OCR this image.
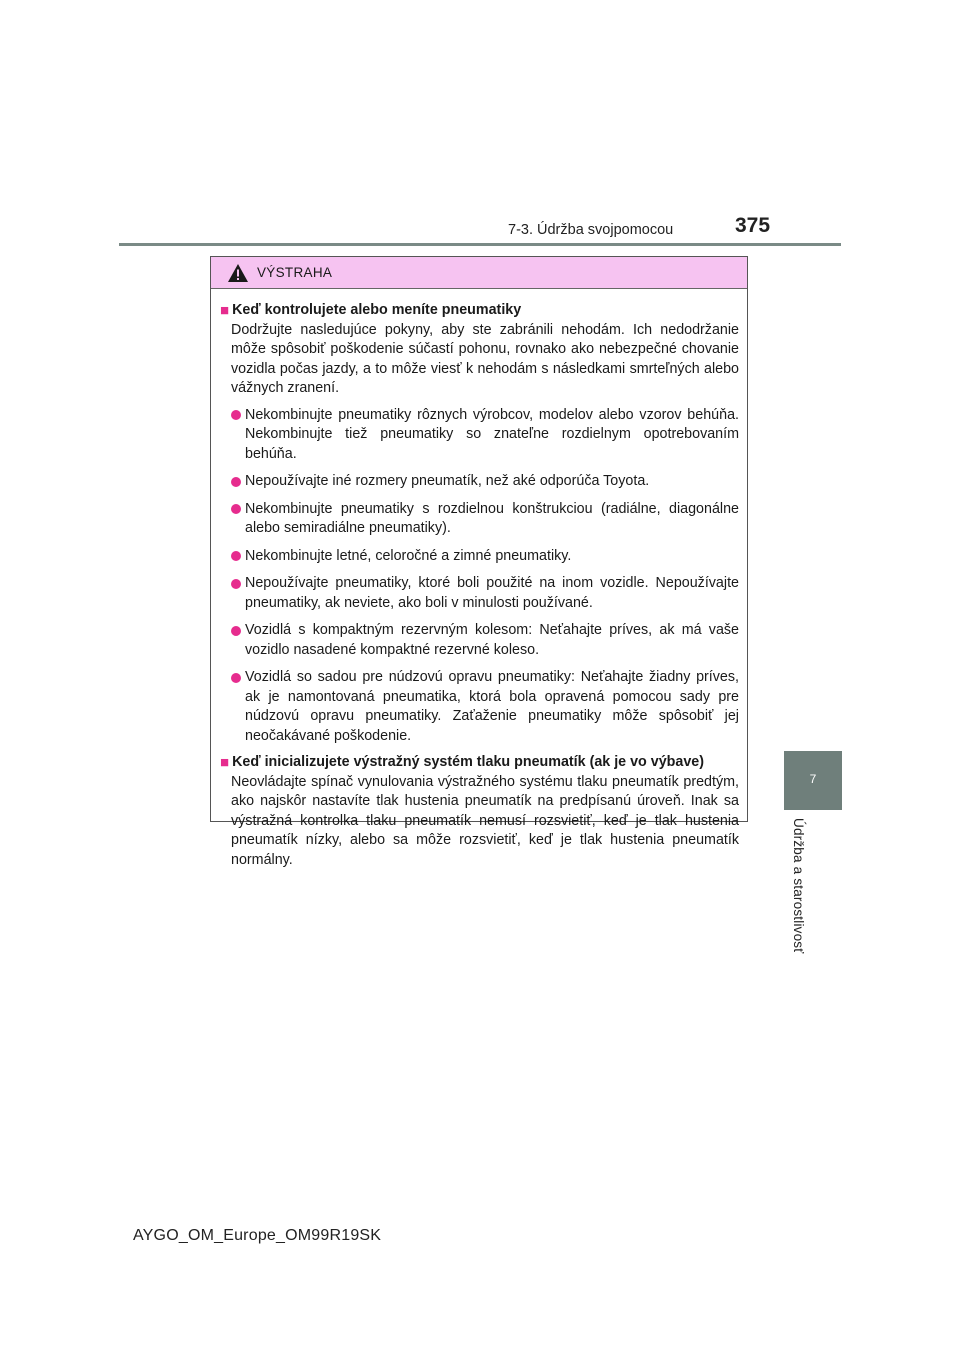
7-3. Údržba svojpomocou	375
7
Údržba a starostlivosť
VÝSTRAHA
■ Keď kontrolujete alebo meníte pneumatiky
Dodržujte nasledujúce pokyny, aby ste zabránili nehodám. Ich nedodržanie môže spôsobiť poškodenie súčastí pohonu, rovnako ako nebezpečné chovanie vozidla počas jazdy, a to môže viesť k nehodám s následkami smrteľných alebo vážnych zranení.
Nekombinujte pneumatiky rôznych výrobcov, modelov alebo vzorov behúňa. Nekombinujte tiež pneumatiky so znateľne rozdielnym opotrebovaním behúňa.
Nepoužívajte iné rozmery pneumatík, než aké odporúča Toyota.
Nekombinujte pneumatiky s rozdielnou konštrukciou (radiálne, diagonálne alebo semiradiálne pneumatiky).
Nekombinujte letné, celoročné a zimné pneumatiky.
Nepoužívajte pneumatiky, ktoré boli použité na inom vozidle. Nepoužívajte pneumatiky, ak neviete, ako boli v minulosti používané.
Vozidlá s kompaktným rezervným kolesom: Neťahajte príves, ak má vaše vozidlo nasadené kompaktné rezervné koleso.
Vozidlá so sadou pre núdzovú opravu pneumatiky: Neťahajte žiadny príves, ak je namontovaná pneumatika, ktorá bola opravená pomocou sady pre núdzovú opravu pneumatiky. Zaťaženie pneumatiky môže spôsobiť jej neočakávané poškodenie.
■ Keď inicializujete výstražný systém tlaku pneumatík (ak je vo výbave)
Neovládajte spínač vynulovania výstražného systému tlaku pneumatík predtým, ako najskôr nastavíte tlak hustenia pneumatík na predpísanú úroveň. Inak sa výstražná kontrolka tlaku pneumatík nemusí rozsvietiť, keď je tlak hustenia pneumatík nízky, alebo sa môže rozsvietiť, keď je tlak hustenia pneumatík normálny.
AYGO_OM_Europe_OM99R19SK
